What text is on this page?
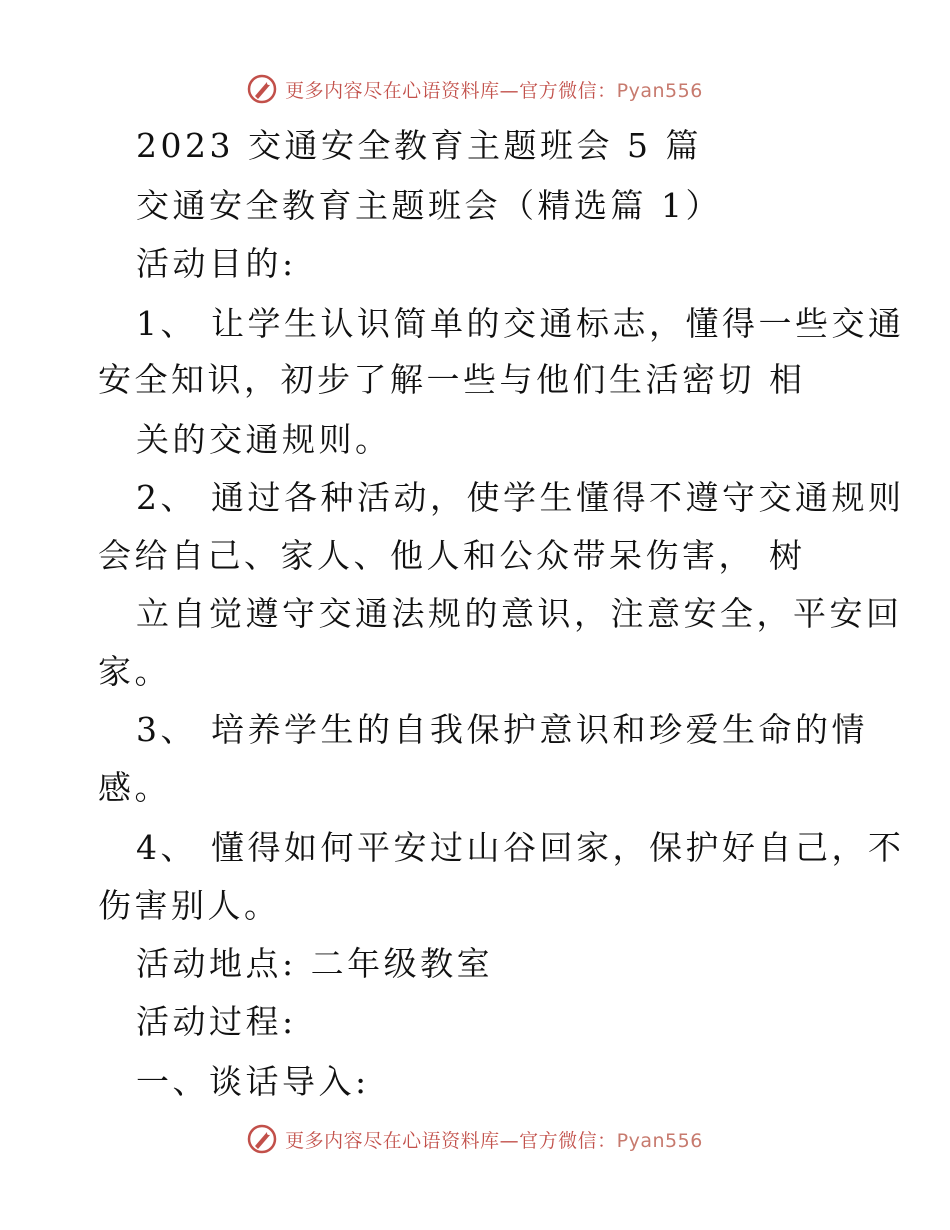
更多内容尽在心语资料库—官方微信：Pyan556
2023 交通安全教育主题班会 5 篇
交通安全教育主题班会（精选篇 1）
活动目的:
1、 让学生认识简单的交通标志，懂得一些交通
安全知识，初步了解一些与他们生活密切 相
关的交通规则。
2、 通过各种活动，使学生懂得不遵守交通规则
会给自己、家人、他人和公众带呆伤害， 树
立自觉遵守交通法规的意识，注意安全，平安回
家。
3、 培养学生的自我保护意识和珍爱生命的情
感。
4、 懂得如何平安过山谷回家，保护好自己，不
伤害别人。
活动地点: 二年级教室
活动过程:
一、谈话导入:
更多内容尽在心语资料库—官方微信：Pyan556
